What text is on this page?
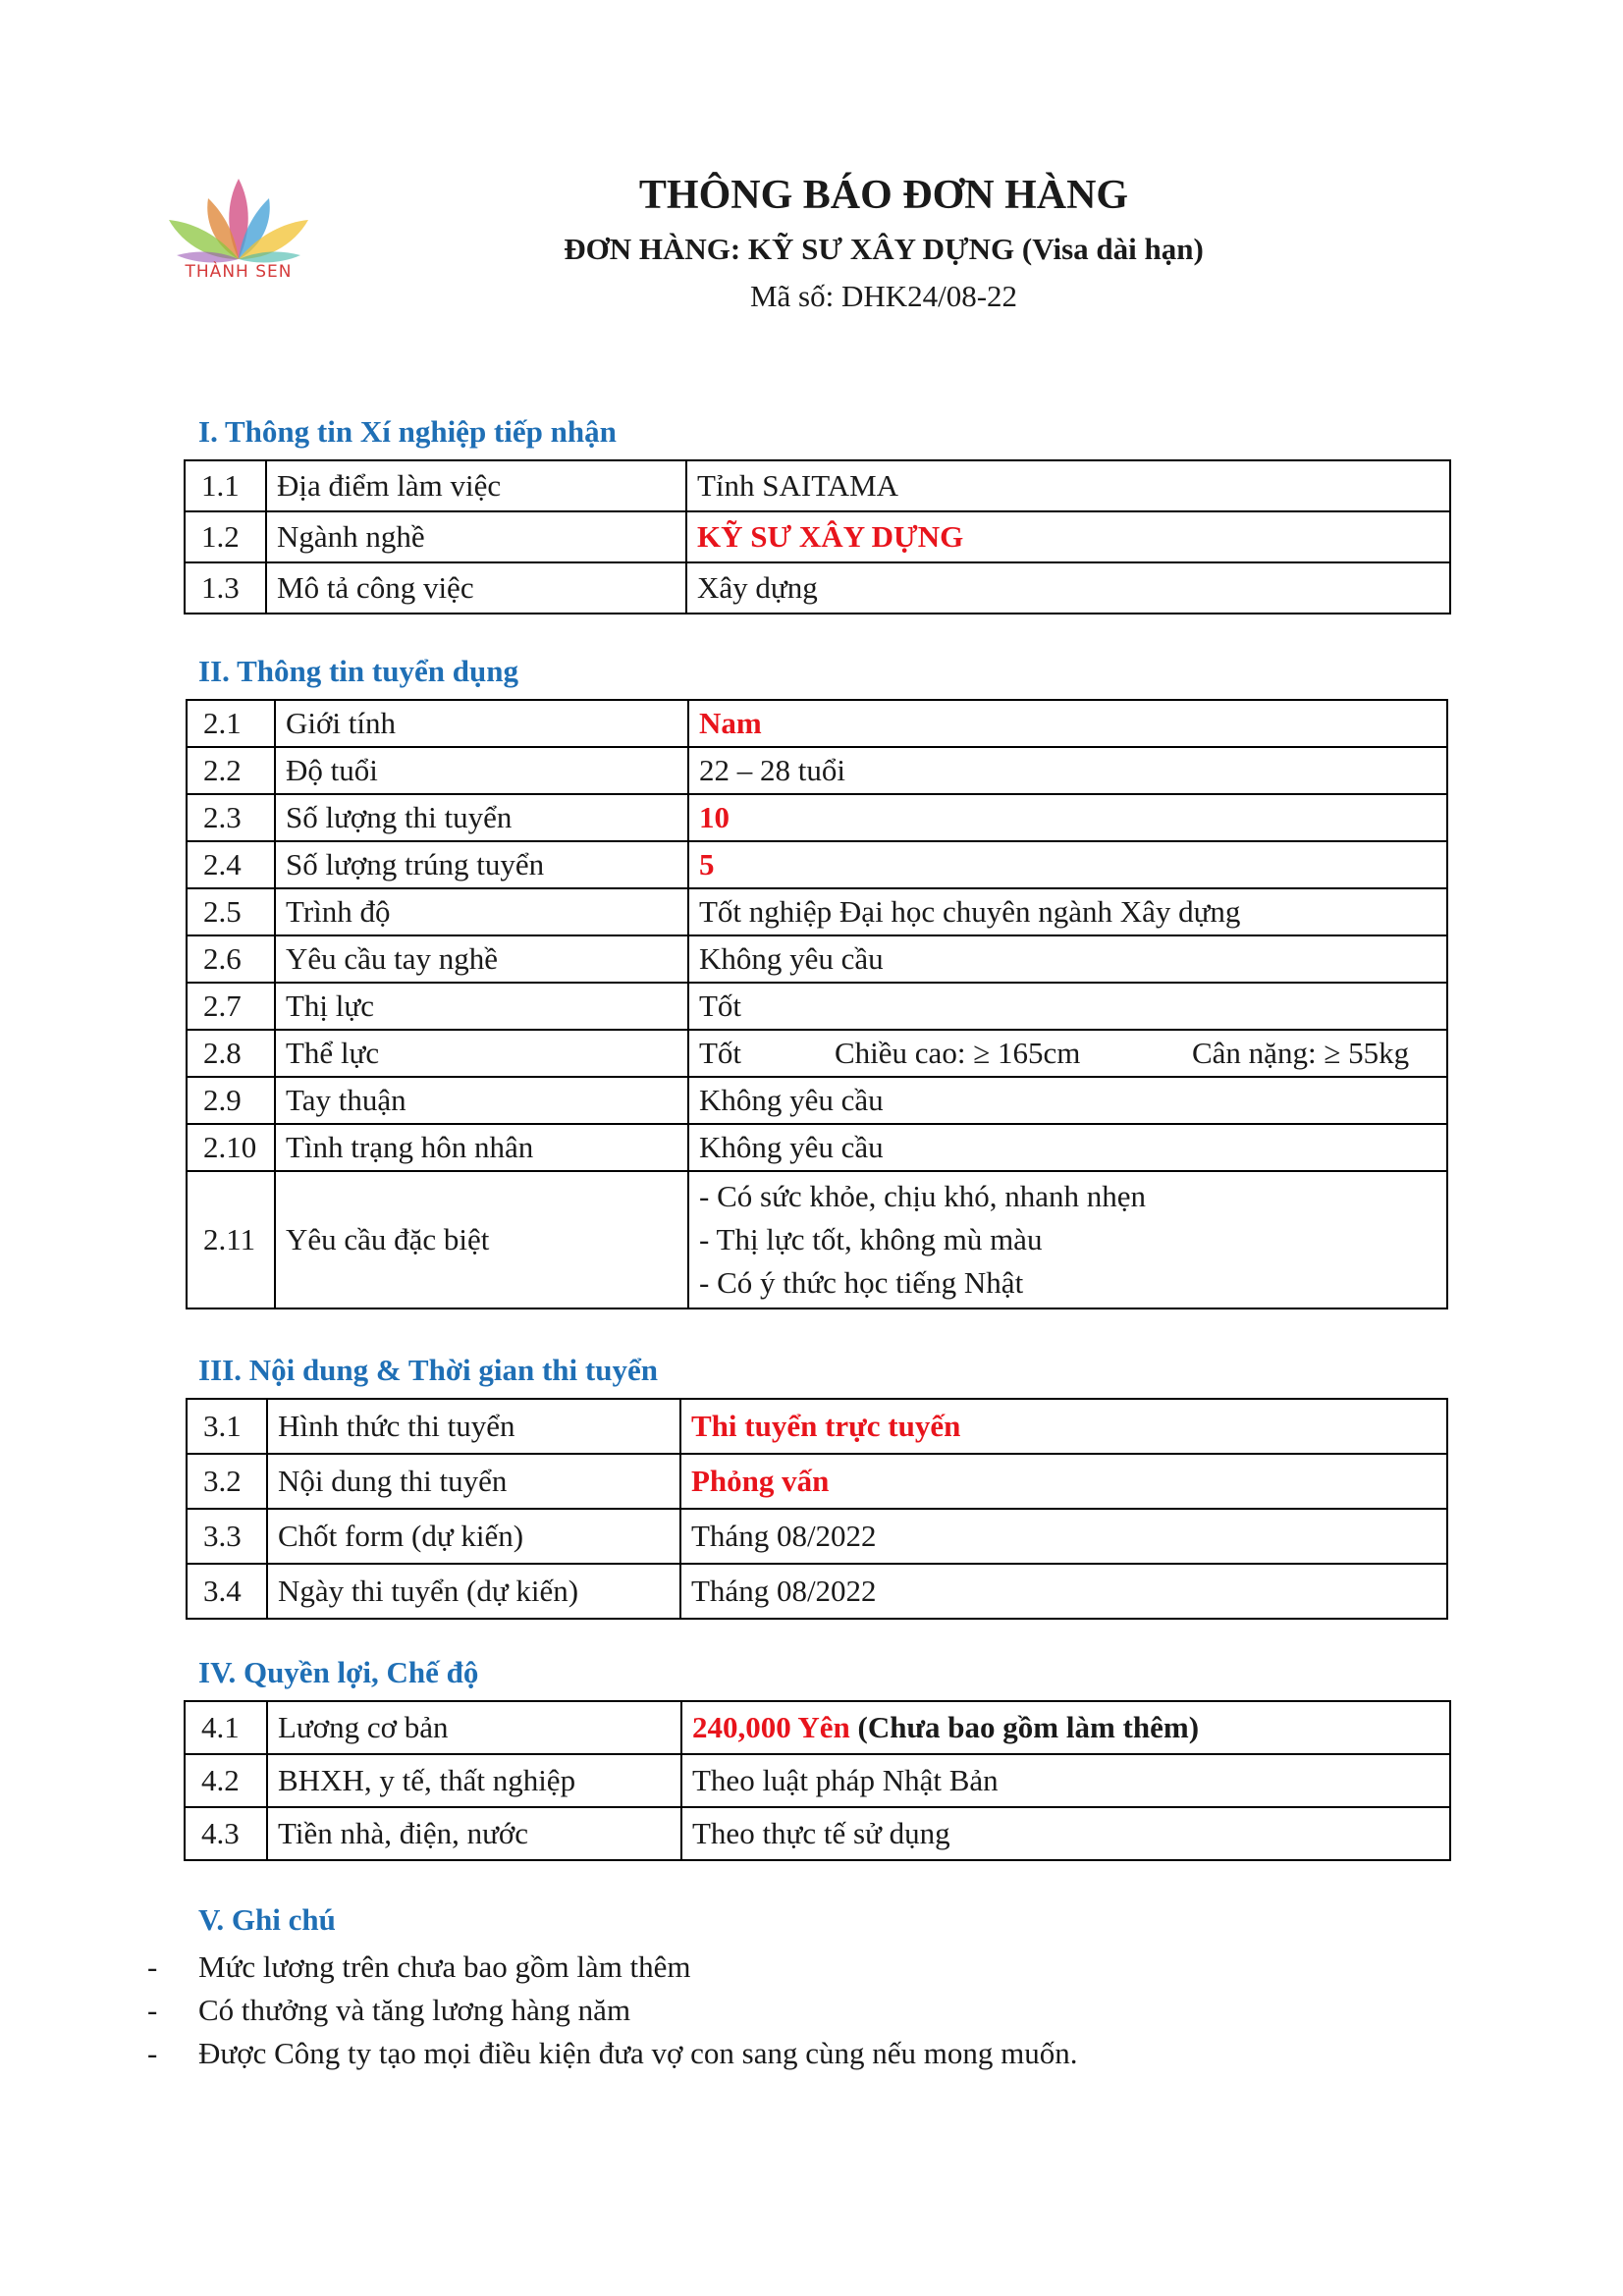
THÀNH SEN
THÔNG BÁO ĐƠN HÀNG
ĐƠN HÀNG: KỸ SƯ XÂY DỰNG (Visa dài hạn)
Mã số: DHK24/08-22
I. Thông tin Xí nghiệp tiếp nhận
1.1	Địa điểm làm việc	Tỉnh SAITAMA
1.2	Ngành nghề	KỸ SƯ XÂY DỰNG
1.3	Mô tả công việc	Xây dựng
II. Thông tin tuyển dụng
2.1	Giới tính	Nam
2.2	Độ tuổi	22 – 28 tuổi
2.3	Số lượng thi tuyển	10
2.4	Số lượng trúng tuyển	5
2.5	Trình độ	Tốt nghiệp Đại học chuyên ngành Xây dựng
2.6	Yêu cầu tay nghề	Không yêu cầu
2.7	Thị lực	Tốt
2.8	Thể lực	Tốt Chiều cao: ≥ 165cm Cân nặng: ≥ 55kg

2.9	Tay thuận	Không yêu cầu
2.10	Tình trạng hôn nhân	Không yêu cầu
2.11	Yêu cầu đặc biệt	- Có sức khỏe, chịu khó, nhanh nhẹn
- Thị lực tốt, không mù màu
- Có ý thức học tiếng Nhật
III. Nội dung & Thời gian thi tuyển
3.1	Hình thức thi tuyển	Thi tuyển trực tuyến
3.2	Nội dung thi tuyển	Phỏng vấn
3.3	Chốt form (dự kiến)	Tháng 08/2022
3.4	Ngày thi tuyển (dự kiến)	Tháng 08/2022
IV. Quyền lợi, Chế độ
4.1	Lương cơ bản	240,000 Yên (Chưa bao gồm làm thêm)
4.2	BHXH, y tế, thất nghiệp	Theo luật pháp Nhật Bản
4.3	Tiền nhà, điện, nước	Theo thực tế sử dụng
V. Ghi chú
- Mức lương trên chưa bao gồm làm thêm
- Có thưởng và tăng lương hàng năm
- Được Công ty tạo mọi điều kiện đưa vợ con sang cùng nếu mong muốn.
